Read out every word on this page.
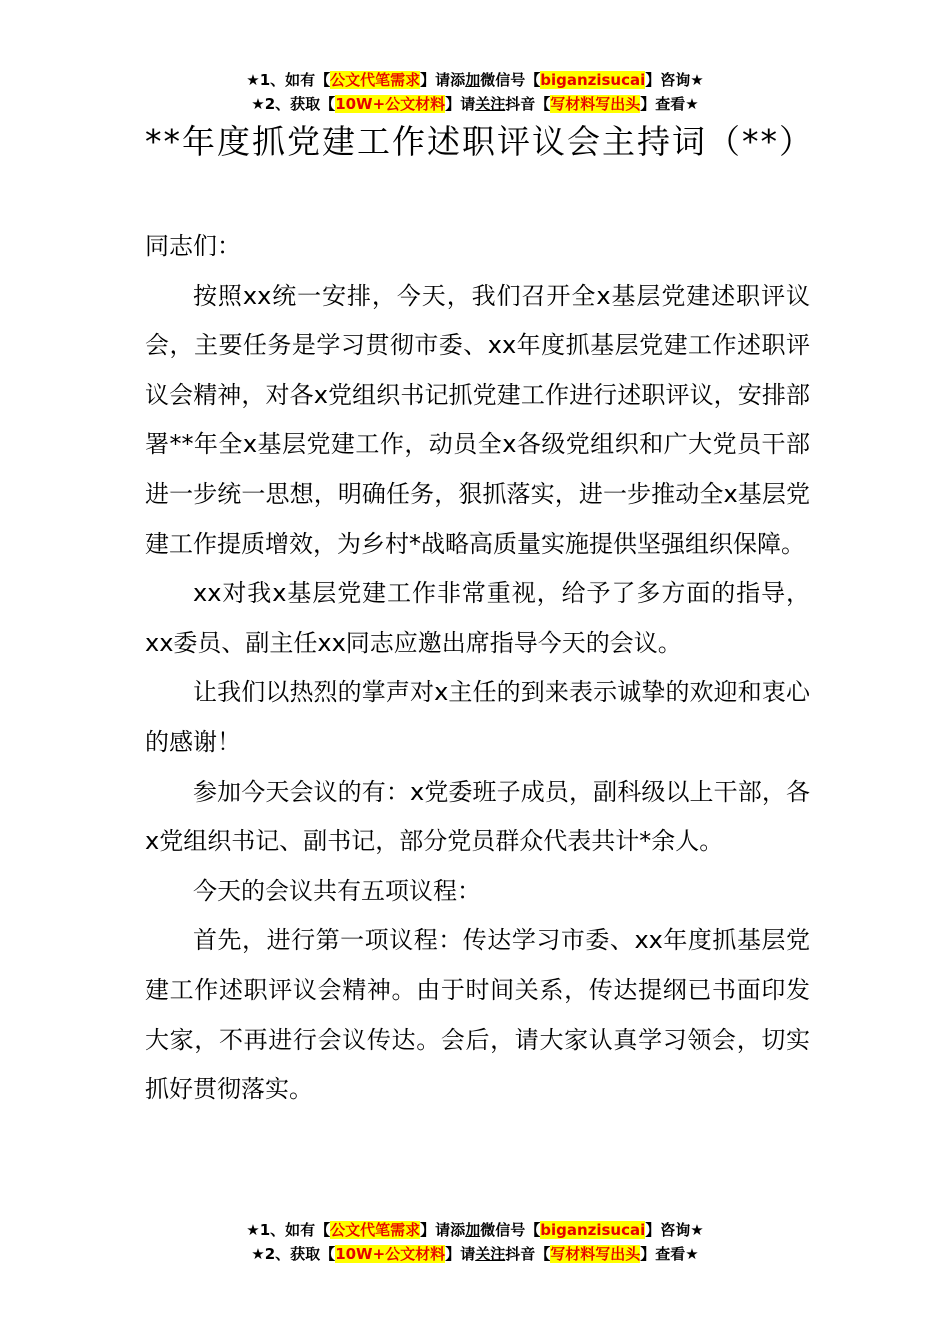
★1、如有【公文代笔需求】请添加微信号【biganzisucai】咨询★
★2、获取【10W+公文材料】请关注抖音【写材料写出头】查看★
**年度抓党建工作述职评议会主持词（**）

同志们：

按照xx统一安排，今天，我们召开全x基层党建述职评议会，主要任务是学习贯彻市委、xx年度抓基层党建工作述职评议会精神，对各x党组织书记抓党建工作进行述职评议，安排部署**年全x基层党建工作，动员全x各级党组织和广大党员干部进一步统一思想，明确任务，狠抓落实，进一步推动全x基层党建工作提质增效，为乡村*战略高质量实施提供坚强组织保障。

xx对我x基层党建工作非常重视，给予了多方面的指导，xx委员、副主任xx同志应邀出席指导今天的会议。

让我们以热烈的掌声对x主任的到来表示诚挚的欢迎和衷心的感谢！

参加今天会议的有：x党委班子成员，副科级以上干部，各x党组织书记、副书记，部分党员群众代表共计*余人。

今天的会议共有五项议程：

首先，进行第一项议程：传达学习市委、xx年度抓基层党建工作述职评议会精神。由于时间关系，传达提纲已书面印发大家，不再进行会议传达。会后，请大家认真学习领会，切实抓好贯彻落实。

★1、如有【公文代笔需求】请添加微信号【biganzisucai】咨询★
★2、获取【10W+公文材料】请关注抖音【写材料写出头】查看★
